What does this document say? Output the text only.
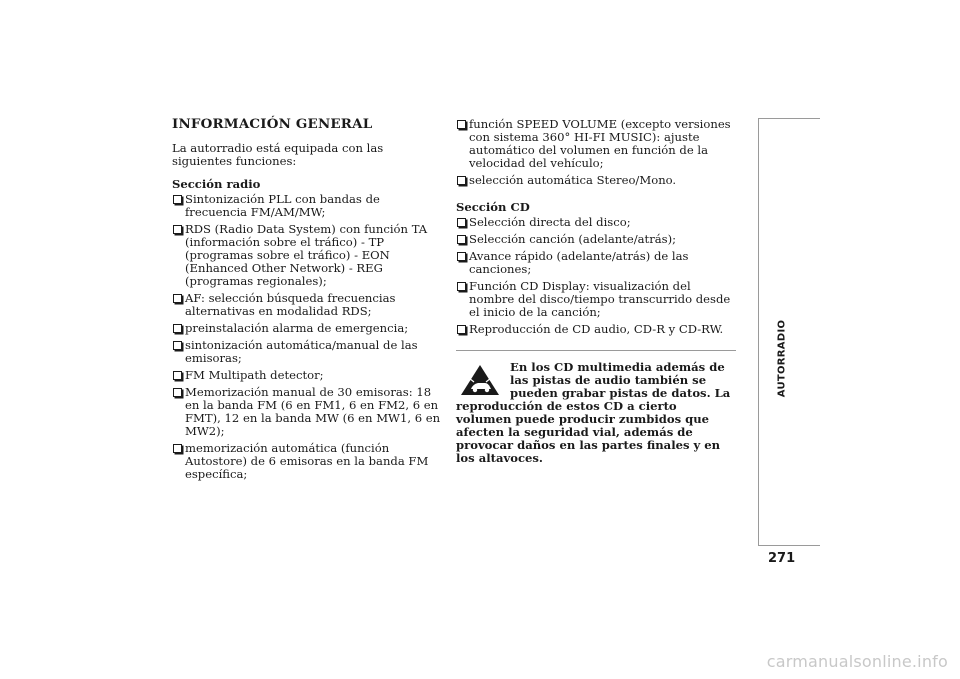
INFORMACIÓN GENERAL
La autorradio está equipada con las siguientes funciones:
Sección radio
Sintonización PLL con bandas de frecuencia FM/AM/MW;
RDS (Radio Data System) con función TA (información sobre el tráfico) - TP (programas sobre el tráfico) - EON (Enhanced Other Network) - REG (programas regionales);
AF: selección búsqueda frecuencias alternativas en modalidad RDS;
preinstalación alarma de emergencia;
sintonización automática/manual de las emisoras;
FM Multipath detector;
Memorización manual de 30 emisoras: 18 en la banda FM (6 en FM1, 6 en FM2, 6 en FMT), 12 en la banda MW (6 en MW1, 6 en MW2);
memorización automática (función Autostore) de 6 emisoras en la banda FM específica;
función SPEED VOLUME (excepto versiones con sistema 360° HI-FI MUSIC): ajuste automático del volumen en función de la velocidad del vehículo;
selección automática Stereo/Mono.
Sección CD
Selección directa del disco;
Selección canción (adelante/atrás);
Avance rápido (adelante/atrás) de las canciones;
Función CD Display: visualización del nombre del disco/tiempo transcurrido desde el inicio de la canción;
Reproducción de CD audio, CD-R y CD-RW.
En los CD multimedia además de las pistas de audio también se pueden grabar pistas de datos. La reproducción de estos CD a cierto volumen puede producir zumbidos que afecten la seguridad vial, además de provocar daños en las partes finales y en los altavoces.
AUTORRADIO
271
carmanualsonline.info
